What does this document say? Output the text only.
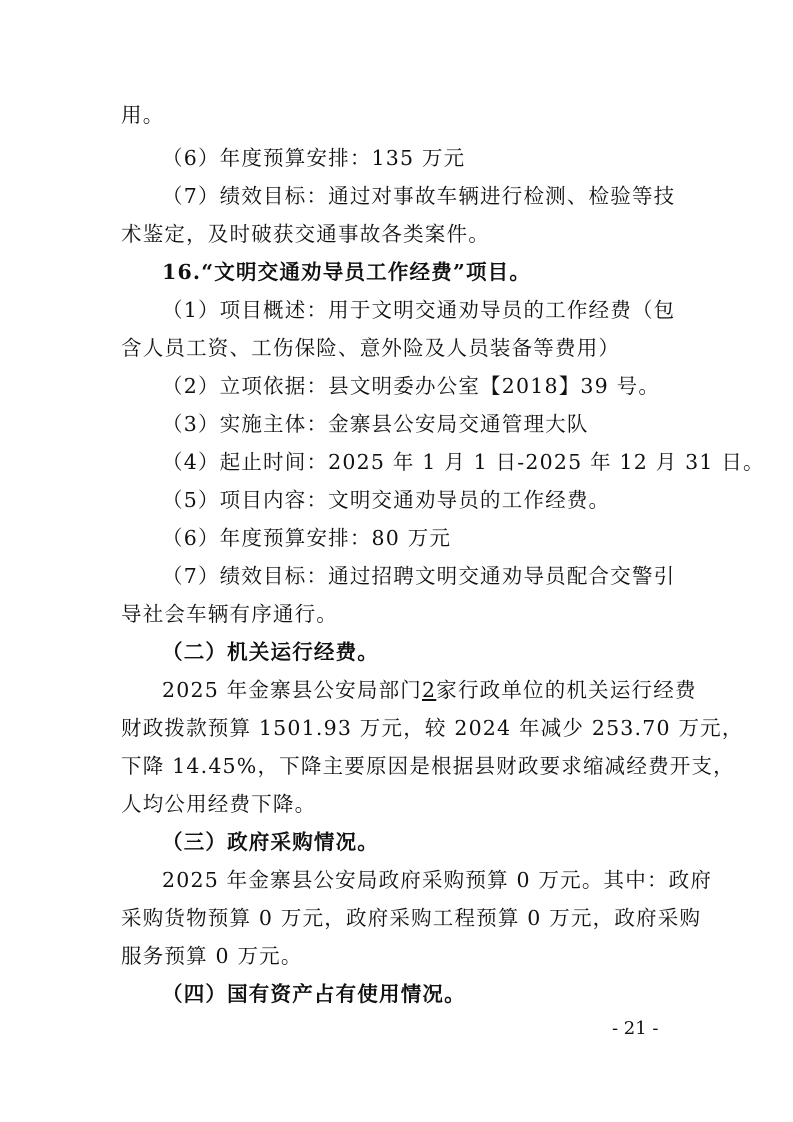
用。
（6）年度预算安排：135 万元
（7）绩效目标：通过对事故车辆进行检测、检验等技
术鉴定，及时破获交通事故各类案件。
16.“文明交通劝导员工作经费”项目。
（1）项目概述：用于文明交通劝导员的工作经费（包
含人员工资、工伤保险、意外险及人员装备等费用）
（2）立项依据：县文明委办公室【2018】39 号。
（3）实施主体：金寨县公安局交通管理大队
（4）起止时间：2025 年 1 月 1 日-2025 年 12 月 31 日。
（5）项目内容：文明交通劝导员的工作经费。
（6）年度预算安排：80 万元
（7）绩效目标：通过招聘文明交通劝导员配合交警引
导社会车辆有序通行。
（二）机关运行经费。
2025 年金寨县公安局部门2家行政单位的机关运行经费
财政拨款预算 1501.93 万元，较 2024 年减少 253.70 万元，
下降 14.45%，下降主要原因是根据县财政要求缩减经费开支，
人均公用经费下降。
（三）政府采购情况。
2025 年金寨县公安局政府采购预算 0 万元。其中：政府
采购货物预算 0 万元，政府采购工程预算 0 万元，政府采购
服务预算 0 万元。
（四）国有资产占有使用情况。
- 21 -
